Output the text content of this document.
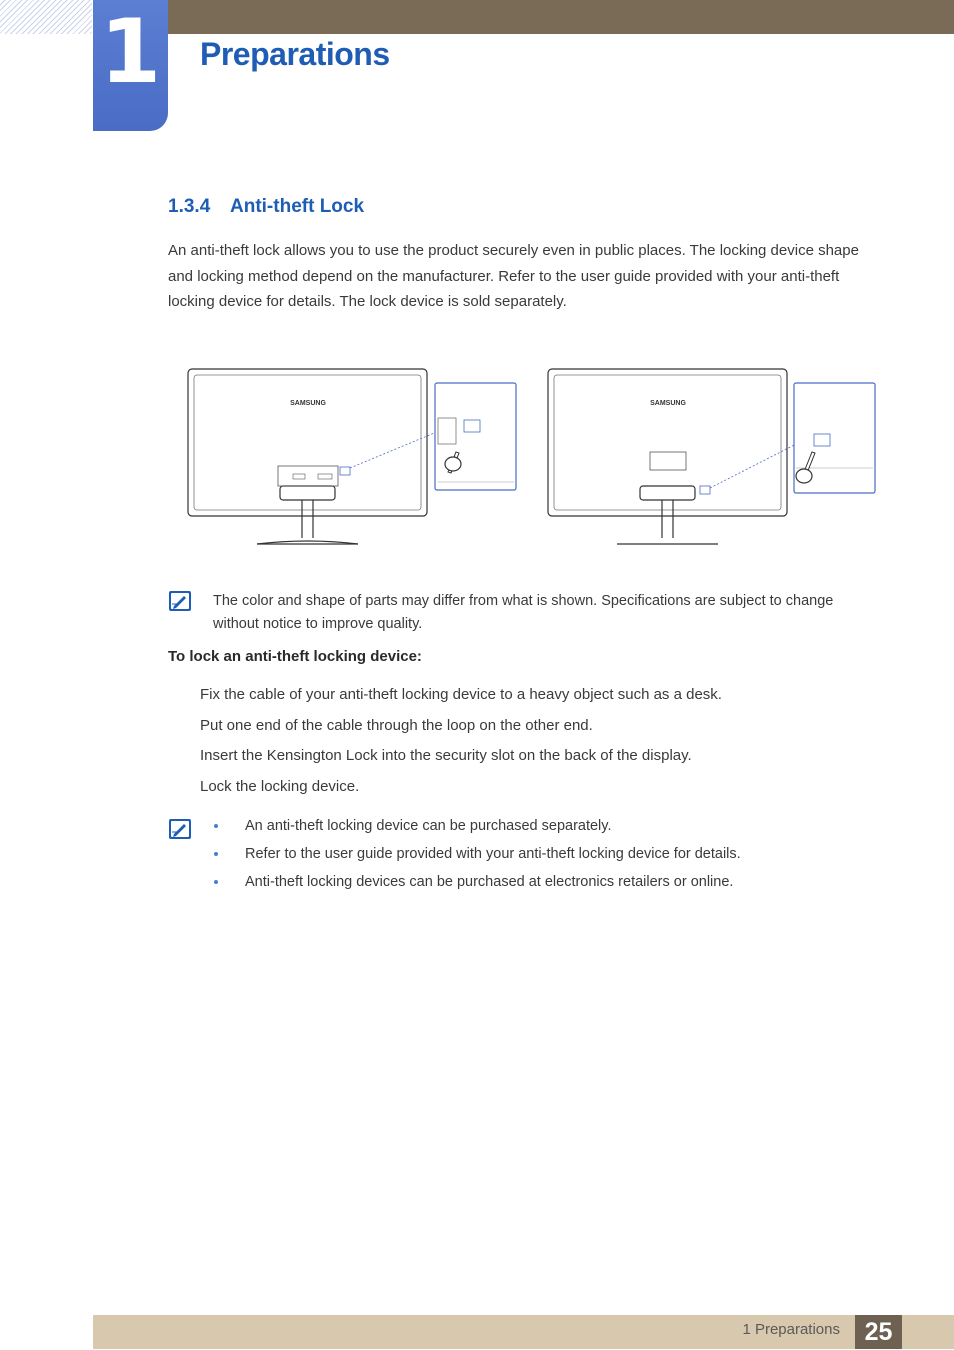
1 Preparations
1.3.4 Anti-theft Lock

An anti-theft lock allows you to use the product securely even in public places. The locking device shape and locking method depend on the manufacturer. Refer to the user guide provided with your anti-theft locking device for details. The lock device is sold separately.

SAMSUNG	SAMSUNG

The color and shape of parts may differ from what is shown. Specifications are subject to change without notice to improve quality.

To lock an anti-theft locking device:
Fix the cable of your anti-theft locking device to a heavy object such as a desk.
Put one end of the cable through the loop on the other end.
Insert the Kensington Lock into the security slot on the back of the display.
Lock the locking device.
An anti-theft locking device can be purchased separately.
Refer to the user guide provided with your anti-theft locking device for details.
Anti-theft locking devices can be purchased at electronics retailers or online.
1 Preparations 25
